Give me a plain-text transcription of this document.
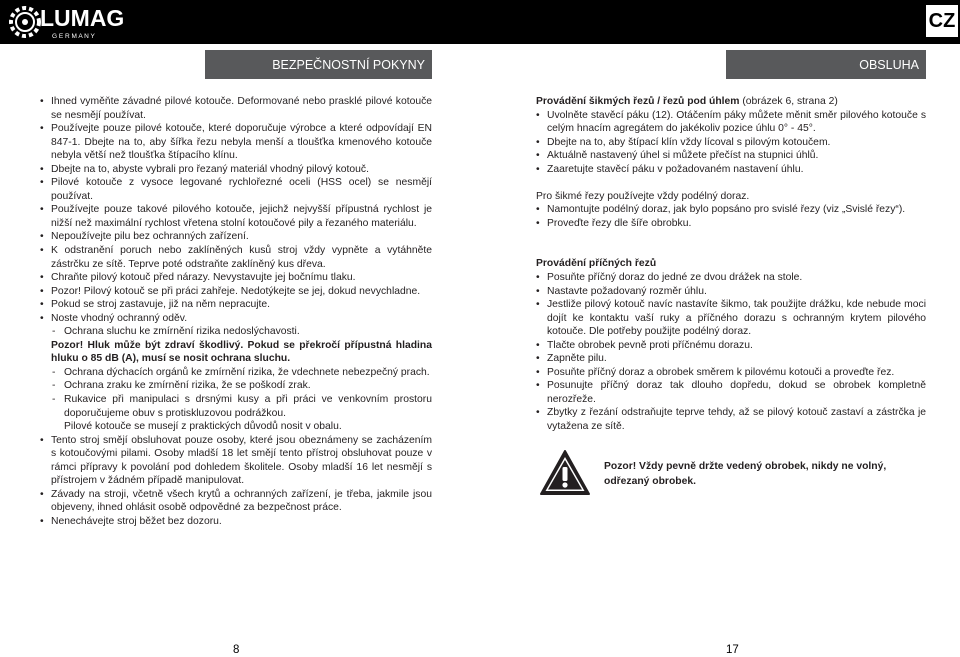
LUMAG
G E R M A N Y
CZ
BEZPEČNOSTNÍ POKYNY	OBSLUHA
• Ihned vyměňte závadné pilové kotouče. Deformované nebo prasklé pilové kotouče se nesmějí používat.
• Používejte pouze pilové kotouče, které doporučuje výrobce a které odpovídají EN 847-1. Dbejte na to, aby šířka řezu nebyla menší a tloušťka kmenového kotouče nebyla větší než tloušťka štípacího klínu.
• Dbejte na to, abyste vybrali pro řezaný materiál vhodný pilový kotouč.
• Pilové kotouče z vysoce legované rychlořezné oceli (HSS ocel) se nesmějí používat.
• Používejte pouze takové pilového kotouče, jejichž nejvyšší přípustná rychlost je nižší než maximální rychlost vřetena stolní kotoučové pily a řezaného materiálu.
• Nepoužívejte pilu bez ochranných zařízení.
• K odstranění poruch nebo zaklíněných kusů stroj vždy vypněte a vytáhněte zástrčku ze sítě. Teprve poté odstraňte zaklíněný kus dřeva.
• Chraňte pilový kotouč před nárazy. Nevystavujte jej bočnímu tlaku.
• Pozor! Pilový kotouč se při práci zahřeje. Nedotýkejte se jej, dokud nevychladne.
• Pokud se stroj zastavuje, již na něm nepracujte.
• Noste vhodný ochranný oděv.
- Ochrana sluchu ke zmírnění rizika nedoslýchavosti.
Pozor! Hluk může být zdraví škodlivý. Pokud se překročí přípustná hladina hluku o 85 dB (A), musí se nosit ochrana sluchu.
- Ochrana dýchacích orgánů ke zmírnění rizika, že vdechnete nebezpečný prach.
- Ochrana zraku ke zmírnění rizika, že se poškodí zrak.
- Rukavice při manipulaci s drsnými kusy a při práci ve venkovním prostoru doporučujeme obuv s protiskluzovou podrážkou.
Pilové kotouče se musejí z praktických důvodů nosit v obalu.
• Tento stroj smějí obsluhovat pouze osoby, které jsou obeznámeny se zacházením s kotoučovými pilami. Osoby mladší 18 let smějí tento přístroj obsluhovat pouze v rámci přípravy k povolání pod dohledem školitele. Osoby mladší 16 let nesmějí s přístrojem v žádném případě manipulovat.
• Závady na stroji, včetně všech krytů a ochranných zařízení, je třeba, jakmile jsou objeveny, ihned ohlásit osobě odpovědné za bezpečnost práce.
• Nenechávejte stroj běžet bez dozoru.
Provádění šikmých řezů / řezů pod úhlem (obrázek 6, strana 2)
• Uvolněte stavěcí páku (12). Otáčením páky můžete měnit směr pilového kotouče s celým hnacím agregátem do jakékoliv pozice úhlu 0° - 45°.
• Dbejte na to, aby štípací klín vždy lícoval s pilovým kotoučem.
• Aktuálně nastavený úhel si můžete přečíst na stupnici úhlů.
• Zaaretujte stavěcí páku v požadovaném nastavení úhlu.
Pro šikmé řezy používejte vždy podélný doraz.
• Namontujte podélný doraz, jak bylo popsáno pro svislé řezy (viz „Svislé řezy“).
• Proveďte řezy dle šíře obrobku.
Provádění příčných řezů
• Posuňte příčný doraz do jedné ze dvou drážek na stole.
• Nastavte požadovaný rozměr úhlu.
• Jestliže pilový kotouč navíc nastavíte šikmo, tak použijte drážku, kde nebude moci dojít ke kontaktu vaší ruky a příčného dorazu s ochranným krytem pilového kotouče. Dle potřeby použijte podélný doraz.
• Tlačte obrobek pevně proti příčnému dorazu.
• Zapněte pilu.
• Posuňte příčný doraz a obrobek směrem k pilovému kotouči a proveďte řez.
• Posunujte příčný doraz tak dlouho dopředu, dokud se obrobek kompletně nerozřeže.
• Zbytky z řezání odstraňujte teprve tehdy, až se pilový kotouč zastaví a zástrčka je vytažena ze sítě.
Pozor! Vždy pevně držte vedený obrobek, nikdy ne volný, odřezaný obrobek.
8	17
